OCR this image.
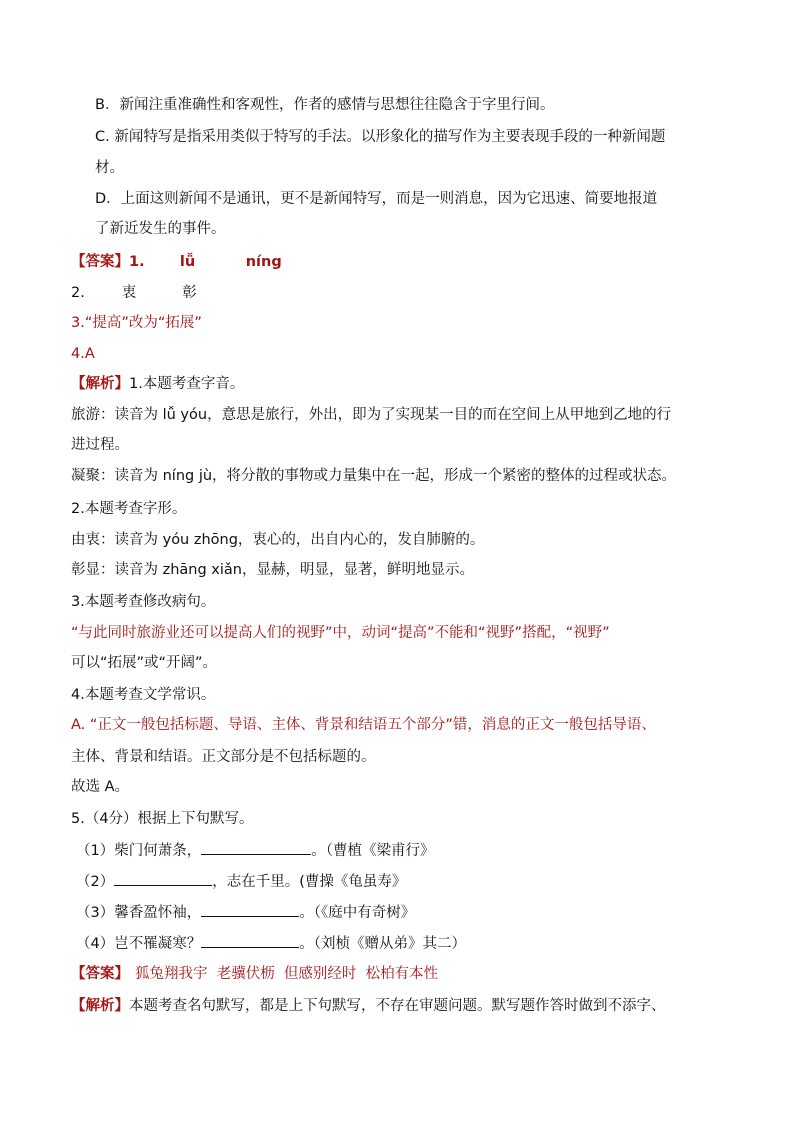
B．新闻注重准确性和客观性，作者的感情与思想往往隐含于字里行间。
C. 新闻特写是指采用类似于特写的手法。以形象化的描写作为主要表现手段的一种新闻题
材。
D．上面这则新闻不是通讯，更不是新闻特写，而是一则消息，因为它迅速、简要地报道
了新近发生的事件。
【答案】1.       lǚ          níng
2.        衷          彰
3.“提高”改为“拓展”
4.A
【解析】1.本题考查字音。
旅游：读音为 lǚ yóu，意思是旅行，外出，即为了实现某一目的而在空间上从甲地到乙地的行
进过程。
凝聚：读音为 níng jù，将分散的事物或力量集中在一起，形成一个紧密的整体的过程或状态。
2.本题考查字形。
由衷：读音为 yóu zhōng，衷心的，出自内心的，发自肺腑的。
彰显：读音为 zhāng xiǎn，显赫，明显，显著，鲜明地显示。
3.本题考查修改病句。
“与此同时旅游业还可以提高人们的视野”中，动词“提高”不能和“视野”搭配，“视野”
可以“拓展”或“开阔”。
4.本题考查文学常识。
A. “正文一般包括标题、导语、主体、背景和结语五个部分”错，消息的正文一般包括导语、
主体、背景和结语。正文部分是不包括标题的。
故选 A。
5.（4分）根据上下句默写。
（1）柴门何萧条，	。（曹植《梁甫行》
（2）	，志在千里。(曹操《龟虽寿》
（3）馨香盈怀袖，	。（《庭中有奇树》
（4）岂不罹凝寒？	。（刘桢《赠从弟》其二）
【答案】 狐兔翔我宇  老骥伏枥  但感别经时  松柏有本性
【解析】本题考查名句默写，都是上下句默写，不存在审题问题。默写题作答时做到不添字、
